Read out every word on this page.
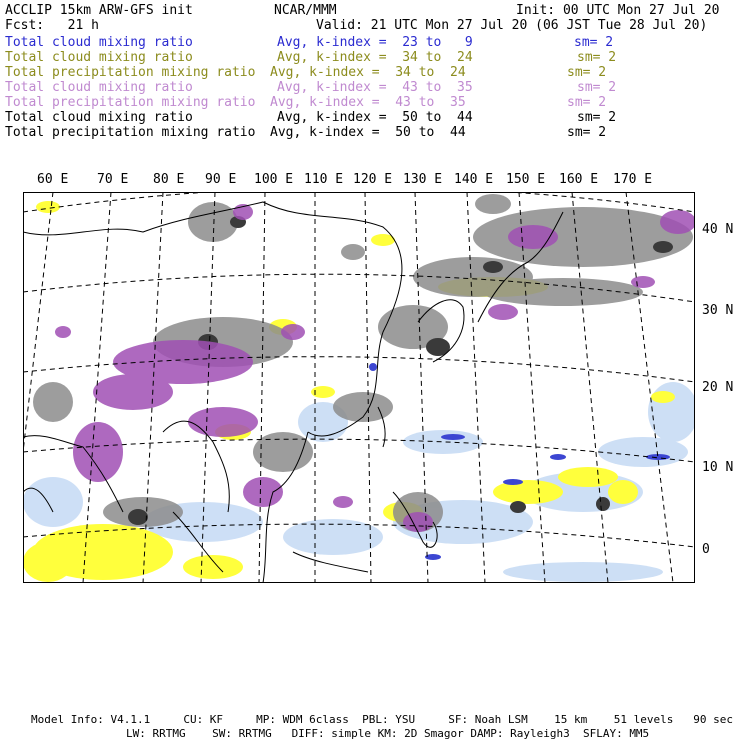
ACCLIP 15km ARW-GFS init	NCAR/MMM	Init: 00 UTC Mon 27 Jul 20
Fcst:   21 h	Valid: 21 UTC Mon 27 Jul 20 (06 JST Tue 28 Jul 20)
Total cloud mixing ratio	Avg, k-index =  23 to   9	sm= 2
Total cloud mixing ratio	Avg, k-index =  34 to  24	sm= 2
Total precipitation mixing ratio Avg, k-index =  34 to  24	sm= 2
Total cloud mixing ratio	Avg, k-index =  43 to  35	sm= 2
Total precipitation mixing ratio Avg, k-index =  43 to  35	sm= 2
Total cloud mixing ratio	Avg, k-index =  50 to  44	sm= 2
Total precipitation mixing ratio Avg, k-index =  50 to  44	sm= 2
60 E 70 E 80 E 90 E 100 E 110 E 120 E 130 E 140 E 150 E 160 E 170 E
40 N
30 N
20 N
10 N
0
Model Info: V4.1.1     CU: KF     MP: WDM 6class  PBL: YSU     SF: Noah LSM    15 km    51 levels   90 sec
LW: RRTMG    SW: RRTMG   DIFF: simple KM: 2D Smagor DAMP: Rayleigh3  SFLAY: MM5
